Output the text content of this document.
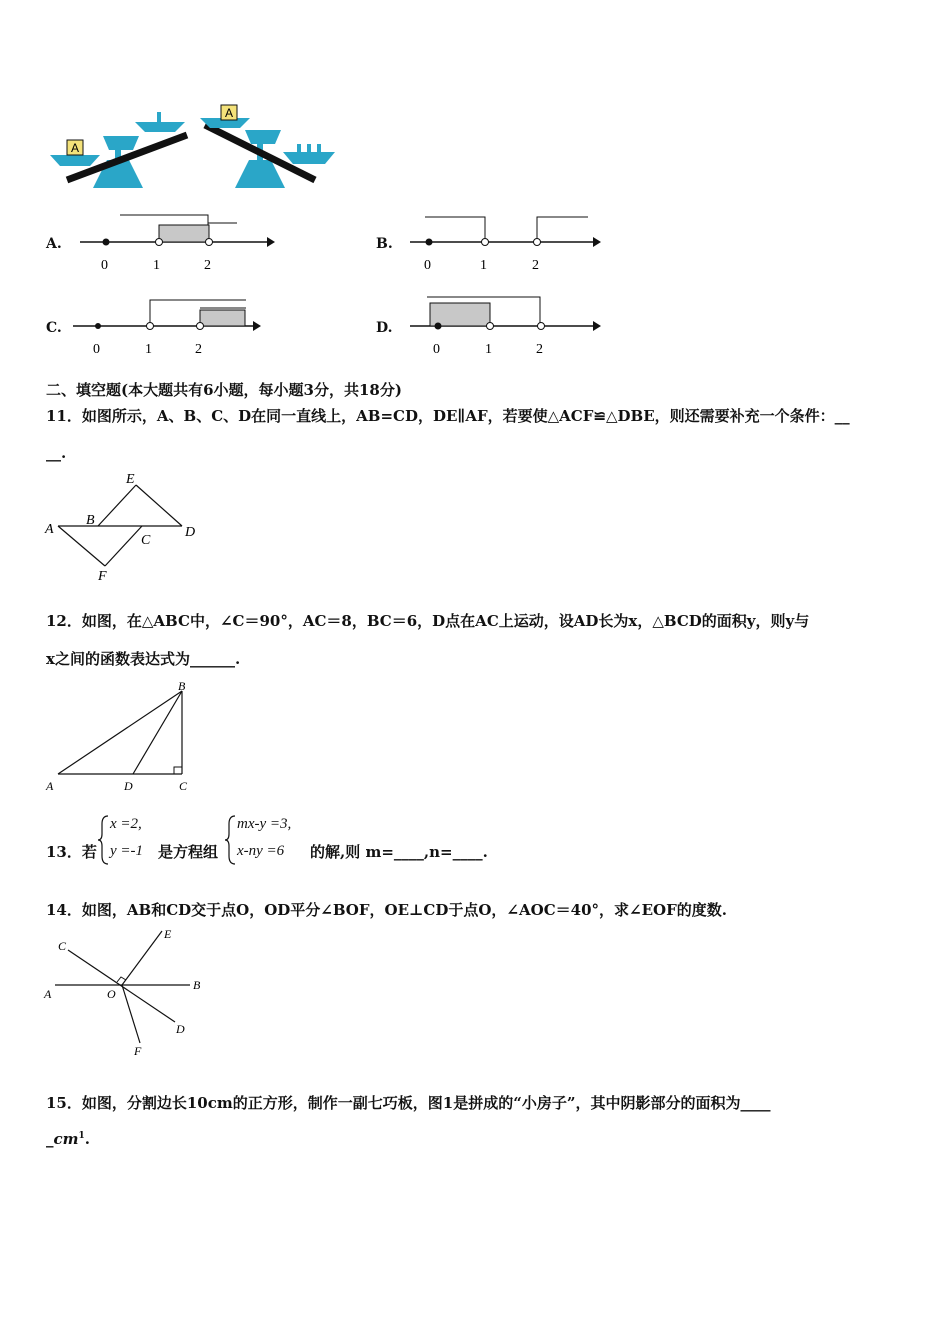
A
A
A.
0	1	2
B.
0	1	2
C.
0	1	2
D.
0	1	2
二、填空题(本大题共有6小题，每小题3分，共18分)
11．如图所示，A、B、C、D在同一直线上，AB=CD，DE∥AF，若要使△ACF≌△DBE，则还需要补充一个条件：__
__.
A
B
C
D
E
F
12．如图，在△ABC中，∠C＝90°，AC＝8，BC＝6，D点在AC上运动，设AD长为x，△BCD的面积y，则y与
x之间的函数表达式为______.
A
B
C
D
13．若
x =2,
y =-1 是方程组
mx-y =3,
x-ny =6 的解,则 m=____,n=____.
14．如图，AB和CD交于点O，OD平分∠BOF，OE⊥CD于点O，∠AOC＝40°，求∠EOF的度数.
A
B
C
D
E
F
O
15．如图，分割边长10cm的正方形，制作一副七巧板，图1是拼成的“小房子”，其中阴影部分的面积为____
$\_cm^1$.
